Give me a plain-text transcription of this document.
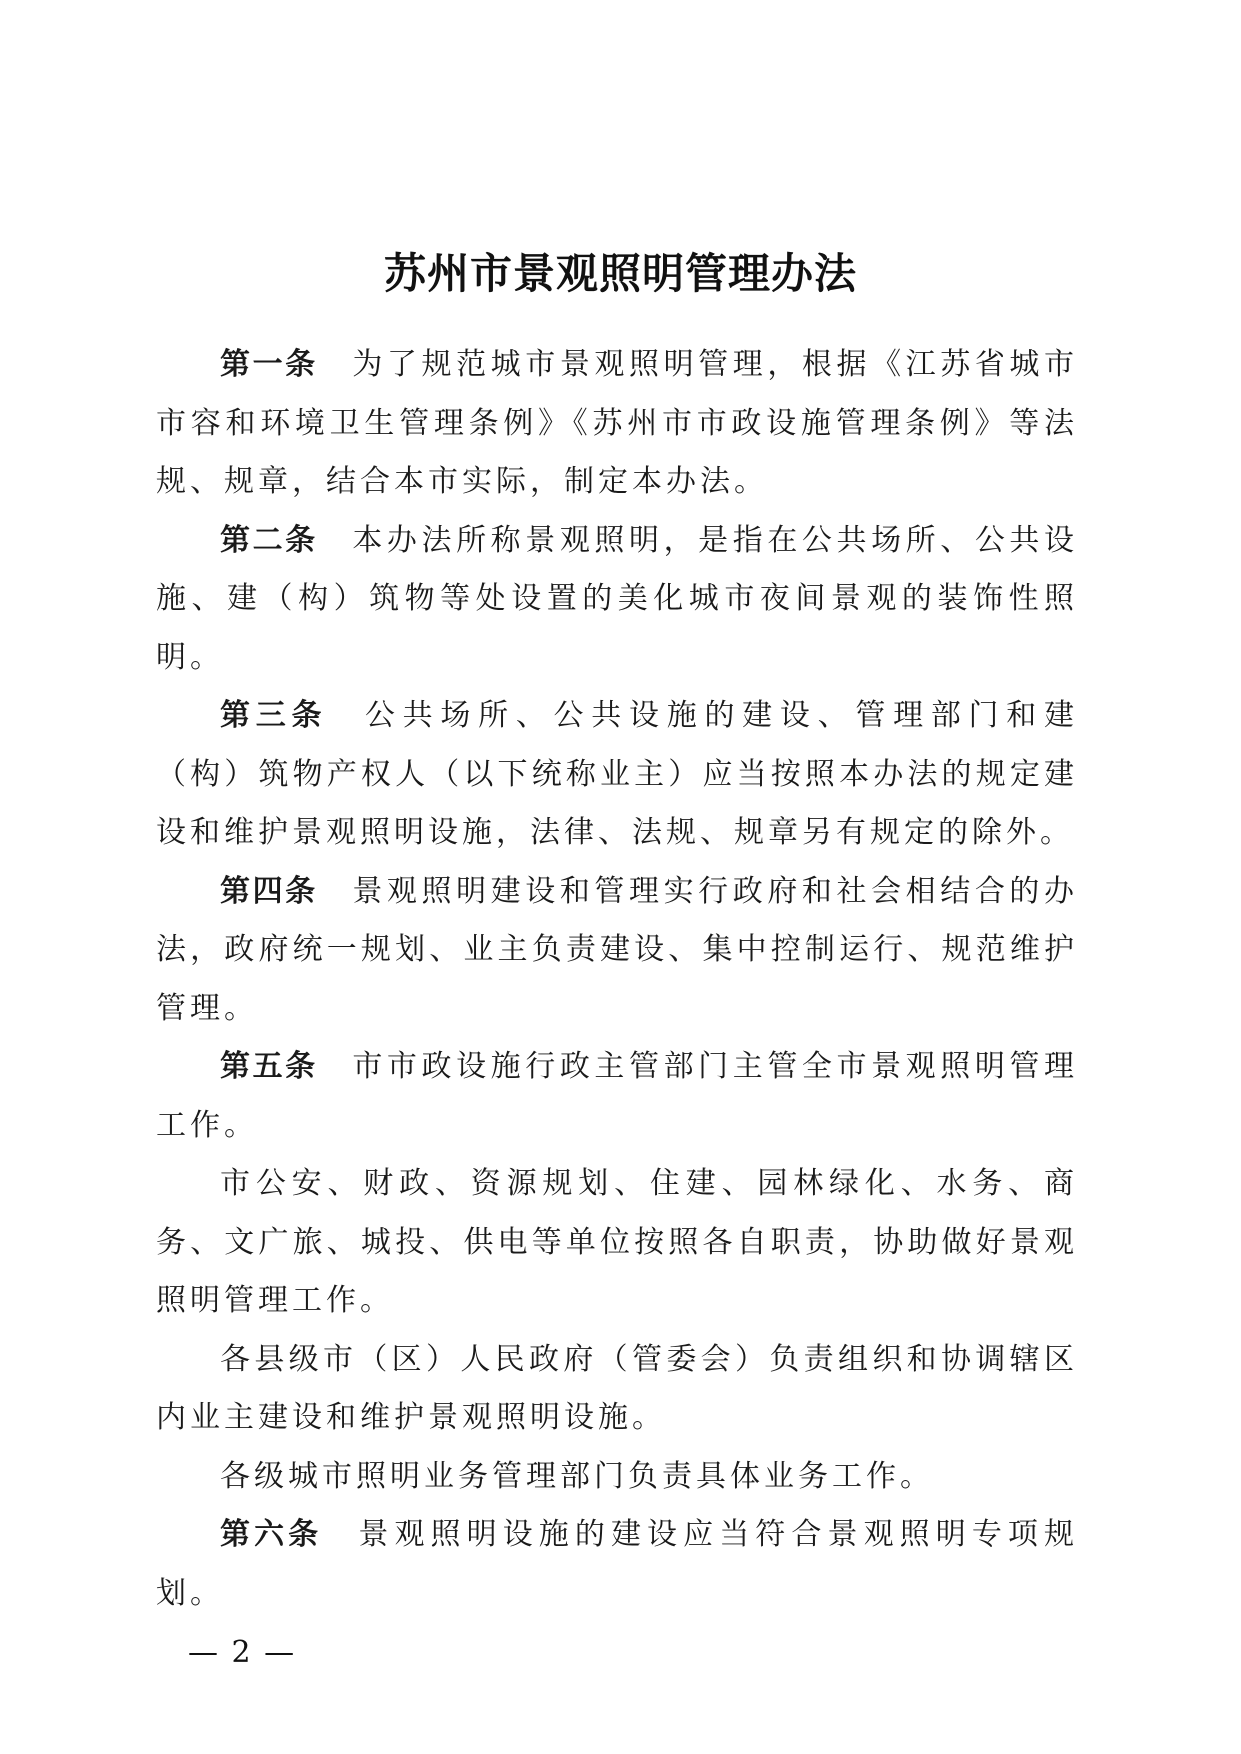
苏州市景观照明管理办法

第一条 为了规范城市景观照明管理，根据《江苏省城市市容和环境卫生管理条例》《苏州市市政设施管理条例》等法规、规章，结合本市实际，制定本办法。

第二条 本办法所称景观照明，是指在公共场所、公共设施、建（构）筑物等处设置的美化城市夜间景观的装饰性照明。

第三条 公共场所、公共设施的建设、管理部门和建（构）筑物产权人（以下统称业主）应当按照本办法的规定建设和维护景观照明设施，法律、法规、规章另有规定的除外。

第四条 景观照明建设和管理实行政府和社会相结合的办法，政府统一规划、业主负责建设、集中控制运行、规范维护管理。

第五条 市市政设施行政主管部门主管全市景观照明管理工作。

市公安、财政、资源规划、住建、园林绿化、水务、商务、文广旅、城投、供电等单位按照各自职责，协助做好景观照明管理工作。

各县级市（区）人民政府（管委会）负责组织和协调辖区内业主建设和维护景观照明设施。

各级城市照明业务管理部门负责具体业务工作。

第六条 景观照明设施的建设应当符合景观照明专项规划。

— 2 —
